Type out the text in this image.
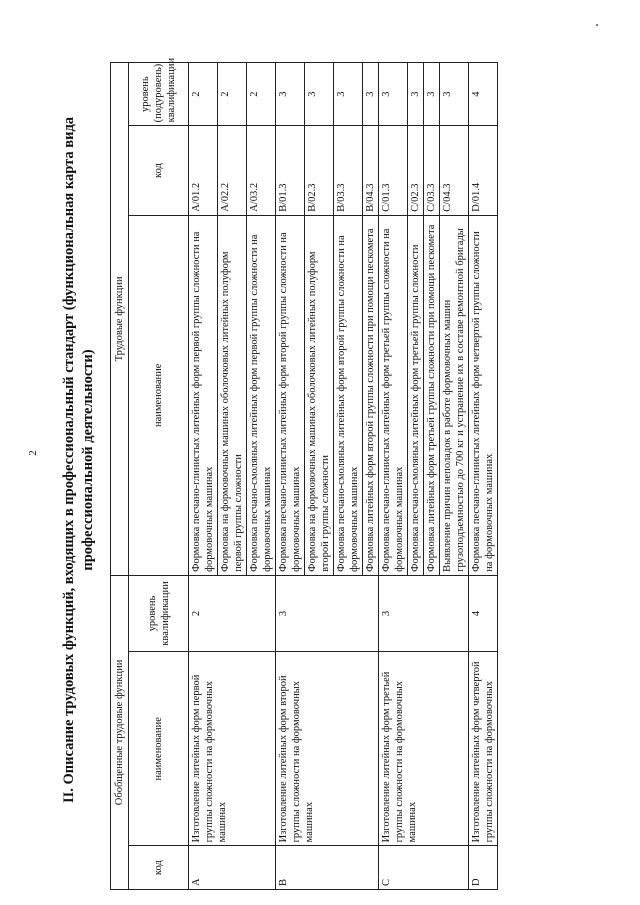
2 II. Описание трудовых функций, входящих в профессиональный стандарт (функциональная карта вида профессиональной деятельности)
Обобщенные трудовые функции			Трудовые функции		
код	наименование	уровень квалификации	наименование	код	уровень (подуровень) квалификации
A	Изготовление литейных форм первой группы сложности на формовочных машинах	2	Формовка песчано-глинистых литейных форм первой группы сложности на формовочных машинах	A/01.2	2
			Формовка на формовочных машинах оболочковых литейных полуформ первой группы сложности	A/02.2	2
			Формовка песчано-смоляных литейных форм первой группы сложности на формовочных машинах	A/03.2	2
B	Изготовление литейных форм второй группы сложности на формовочных машинах	3	Формовка песчано-глинистых литейных форм второй группы сложности на формовочных машинах	B/01.3	3
			Формовка на формовочных машинах оболочковых литейных полуформ второй группы сложности	B/02.3	3
			Формовка песчано-смоляных литейных форм второй группы сложности на формовочных машинах	B/03.3	3
			Формовка литейных форм второй группы сложности при помощи пескомета	B/04.3	3
C	Изготовление литейных форм третьей группы сложности на формовочных машинах	3	Формовка песчано-глинистых литейных форм третьей группы сложности на формовочных машинах	C/01.3	3
			Формовка песчано-смоляных литейных форм третьей группы сложности	C/02.3	3
			Формовка литейных форм третьей группы сложности при помощи пескомета	C/03.3	3
			Выявление причин неполадок в работе формовочных машин грузоподъемностью до 700 кг и устранение их в составе ремонтной бригады	C/04.3	3
D	Изготовление литейных форм четвертой группы сложности на формовочных	4	Формовка песчано-глинистых литейных форм четвертой группы сложности на формовочных машинах	D/01.4	4
